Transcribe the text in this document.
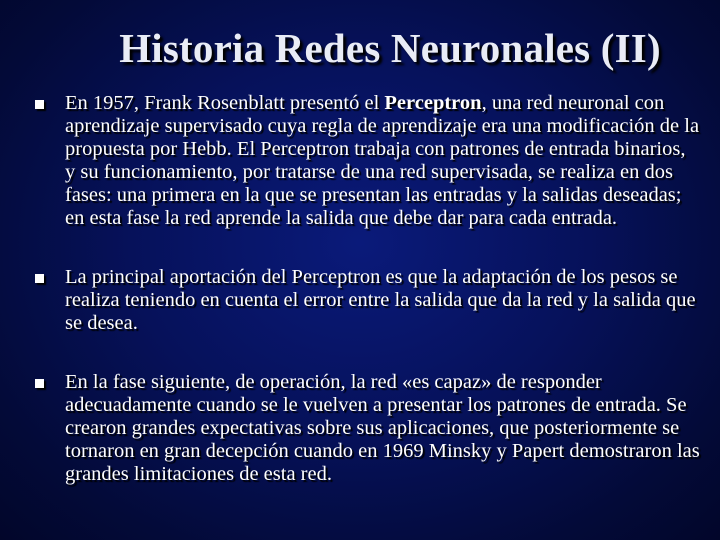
Historia Redes Neuronales (II)
En 1957, Frank Rosenblatt presentó el Perceptron, una red neuronal con aprendizaje supervisado cuya regla de aprendizaje era una modificación de la propuesta por Hebb. El Perceptron trabaja con patrones de entrada binarios, y su funcionamiento, por tratarse de una red supervisada, se realiza en dos fases: una primera en la que se presentan las entradas y la salidas deseadas; en esta fase la red aprende la salida que debe dar para cada entrada.
La principal aportación del Perceptron es que la adaptación de los pesos se realiza teniendo en cuenta el error entre la salida que da la red y la salida que se desea.
En la fase siguiente, de operación, la red «es capaz» de responder adecuadamente cuando se le vuelven a presentar los patrones de entrada. Se crearon grandes expectativas sobre sus aplicaciones, que posteriormente se tornaron en gran decepción cuando en 1969 Minsky y Papert demostraron las grandes limitaciones de esta red.
